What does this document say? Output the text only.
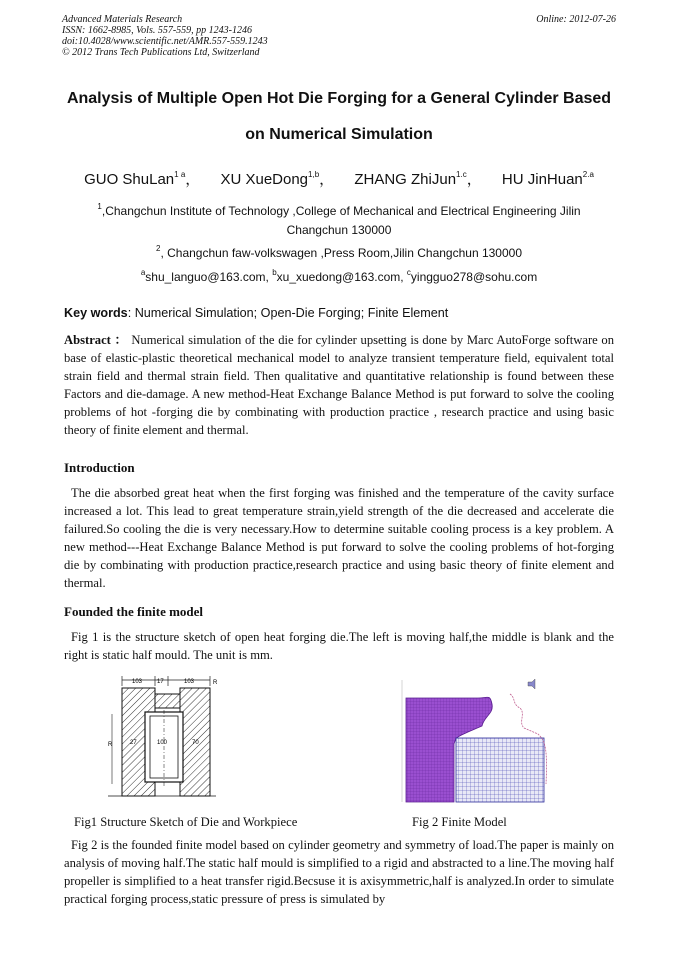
Advanced Materials Research
ISSN: 1662-8985, Vols. 557-559, pp 1243-1246
doi:10.4028/www.scientific.net/AMR.557-559.1243
© 2012 Trans Tech Publications Ltd, Switzerland
Online: 2012-07-26
Analysis of Multiple Open Hot Die Forging for a General Cylinder Based
on Numerical Simulation
GUO ShuLan$^{1 a}$， XU XueDong$^{1,b}$， ZHANG ZhiJun$^{1.c}$， HU JinHuan$^{2.a}$
$^1$,Changchun Institute of Technology ,College of Mechanical and Electrical Engineering Jilin
Changchun 130000
$^2$, Changchun faw-volkswagen ,Press Room,Jilin Changchun 130000
$^a$shu_languo@163.com, $^b$xu_xuedong@163.com, $^c$yingguo278@sohu.com
Key words: Numerical Simulation; Open-Die Forging; Finite Element
Abstract ： Numerical simulation of the die for cylinder upsetting is done by Marc AutoForge software on base of elastic-plastic theoretical mechanical model to analyze transient temperature field, equivalent total strain field and thermal strain field. Then qualitative and quantitative relationship is found between these Factors and die-damage. A new method-Heat Exchange Balance Method is put forward to solve the cooling problems of hot -forging die by combinating with production practice , research practice and using basic theory of finite element and thermal.
Introduction
The die absorbed great heat when the first forging was finished and the temperature of the cavity surface increased a lot. This lead to great temperature strain,yield strength of the die decreased and accelerate die failured.So cooling the die is very necessary.How to determine suitable cooling process is a key problem. A new method---Heat Exchange Balance Method is put forward to solve the cooling problems of hot-forging die by combinating with production practice,research practice and using basic theory of finite element and thermal.
Founded the finite model
Fig 1 is the structure sketch of open heat forging die.The left is moving half,the middle is blank and the right is static half mould. The unit is mm.
103 17	103	R
27	100	70
R
Fig1 Structure Sketch of Die and Workpiece	Fig 2 Finite Model
Fig 2 is the founded finite model based on cylinder geometry and symmetry of load.The paper is mainly on analysis of moving half.The static half mould is simplified to a rigid and abstracted to a line.The moving half propeller is simplified to a heat transfer rigid.Becsuse it is axisymmetric,half is analyzed.In order to simulate practical forging process,static pressure of press is simulated by
